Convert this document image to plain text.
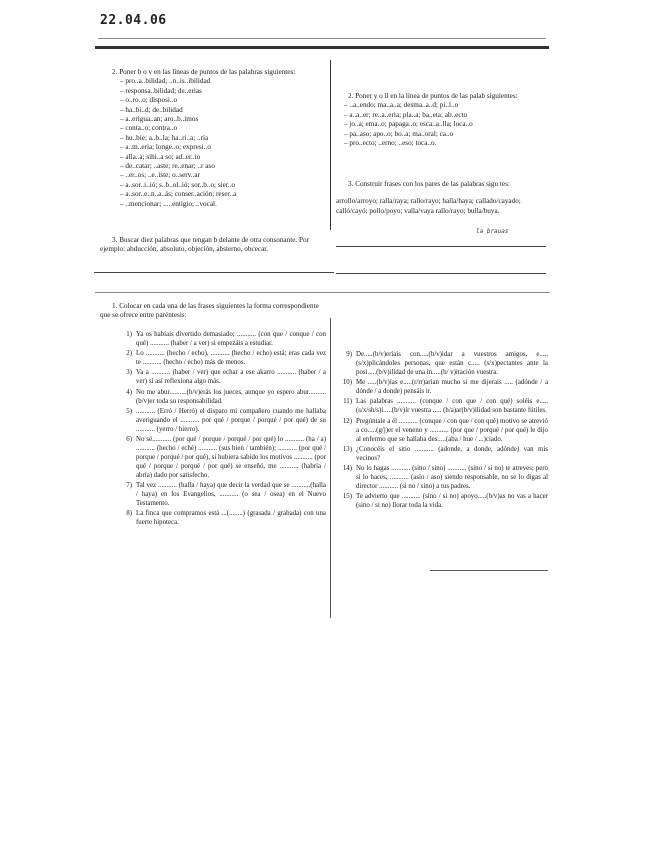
22.04.06

2. Poner b o v en las líneas de puntos de las palabras siguientes:

– pro..a..bilidad; ..n..is..ibilidad
– responsa..bilidad; de..erias
– o..ro..o; disposi..o
– ha..bi..d; de..bilidad
– a..erigua..an; aro..b..imos
– conta..o; contra..o
– hu..bie; a..b..la; ha..ri..a; ..ría
– a..m..eria; longe..o; expresi..o
– alla..a; sihi..a so; ad..er..io
– de..catar; ..aste; re..enar; ..r aso
– ..er..os; ..e..iste; o..serv..ar
– a..sor..i..ió; s..b..ol..ió; sor..b..o; sier..o
– a..sor..e..n..a..ás; conser..ación; reser..a
– ..mencionar; .....entigio; ..vocal.

3. Buscar diez palabras que tengan b delante de otra consonante. Por ejemplo: abducción, absoluto, objeción, absterno, obcecar.

2. Poner y o ll en la línea de puntos de las palab siguientes:

– ..a..endo; ma..a..a; desma..a..d; pi..l..o
– a..a..er; re..a..eria; pla..a; ba..eta; ab..ecto
– jo..a; ema..o; papaga..o; esca..a..lla; loca..o
– pa..aso; apo..o; bo..a; ma..oral; ca..o
– pro..ecto; ..erno; ..eso; toca..o.

3. Construir frases con los pares de las palabras sigu tes:

arrollo/arroyo; ralla/raya; rallo/rayo; halla/haya; callado/cayado; calló/cayó; pollo/poyo; valla/vaya rallo/rayo; bulla/buya.

la brauas

1. Colocar en cada una de las frases siguientes la forma correspondiente que se ofrece entre paréntesis:

1) Ya os habíais divertido demasiado; ........... (con que / conque / con qué) ........... (haber / a ver) si empezáis a estudiar.
2) Lo ........... (hecho / echo), ........... (hecho / echo) está; eras cada vez te ........... (hecho / echo) más de menos.
3) Va a ........... (haber / ver) que echar a ese akarro ........... (haber / a ver) si así reflexiona algo más.
4) No me abur..........(b/v)erás los jueces, aunque yo espero abur..........(b/v)er toda su responsabilidad.
5) ........... (Erró / Herró) el disparo mi compañero cuando me hallaba averiguando el ........... por qué / porque / porqué / por qué) de su ........... (yerro / hierro).
6) No sé........... (por qué / porque / porqué / por qué) lo ........... (ha / a) ........... (hecho / eché) ........... (sus bien / también); ........... (por qué / porque / porqué / por qué), si hubiera sabido los motivos ........... (por qué / porque / porqué / por qué) se enseñó, me ........... (habría / abría) dado por satisfecho.
7) Tal vez ........... (halla / haya) que decir la verdad que se ...........(halla / haya) en los Evangelios, ........... (o sea / osea) en el Nuevo Testamento.
8) La finca que compramos está ...(........) (grasada / grabada) con una fuerte hipoteca.
9) De.....(b/v)eríais con.....(b/v)idar a vuestros amigos, e.....(s/x)plicándoles personas, que están c..... (s/x)pectantes ante la posi.....(b/v)ilidad de una in.....(b/ v)itación vuestra.
10) Me .....(b/v)ías e.....(r/rr)arían mucho si me dijerais ..... (adónde / a dónde / a donde) pensáis ir.
11) Las palabras ........... (conque / con que / con qué) soléis e..... (s/x/sh/s)i.....(b/v)ír vuestra ..... (h/a)ar(b/v)ilidad son bastante fútiles.
12) Pregúntale a él ........... (conque / con que / con qué) motivo se atrevió a co.....(g/j)er el veneno y ........... (por que / porqué / por qué) le dijo al enfermo que se hallaba des.....(aba / hue / ...)ciado.
13) ¿Conocéis el sitio ........... (adonde, a donde, adónde) van mis vecinos?
14) No lo hagas ........... (sino / sino) ........... (sino / si no) te atreves; pero si lo haces, ........... (asío / aso) siendo responsable, no se lo digas al director ........... (si no / sino) a tus padres.
15) Te advierto que ........... (sino / si no) apoyo.....(b/v)as no vas a hacer (sino / si no) llorar toda la vida.
